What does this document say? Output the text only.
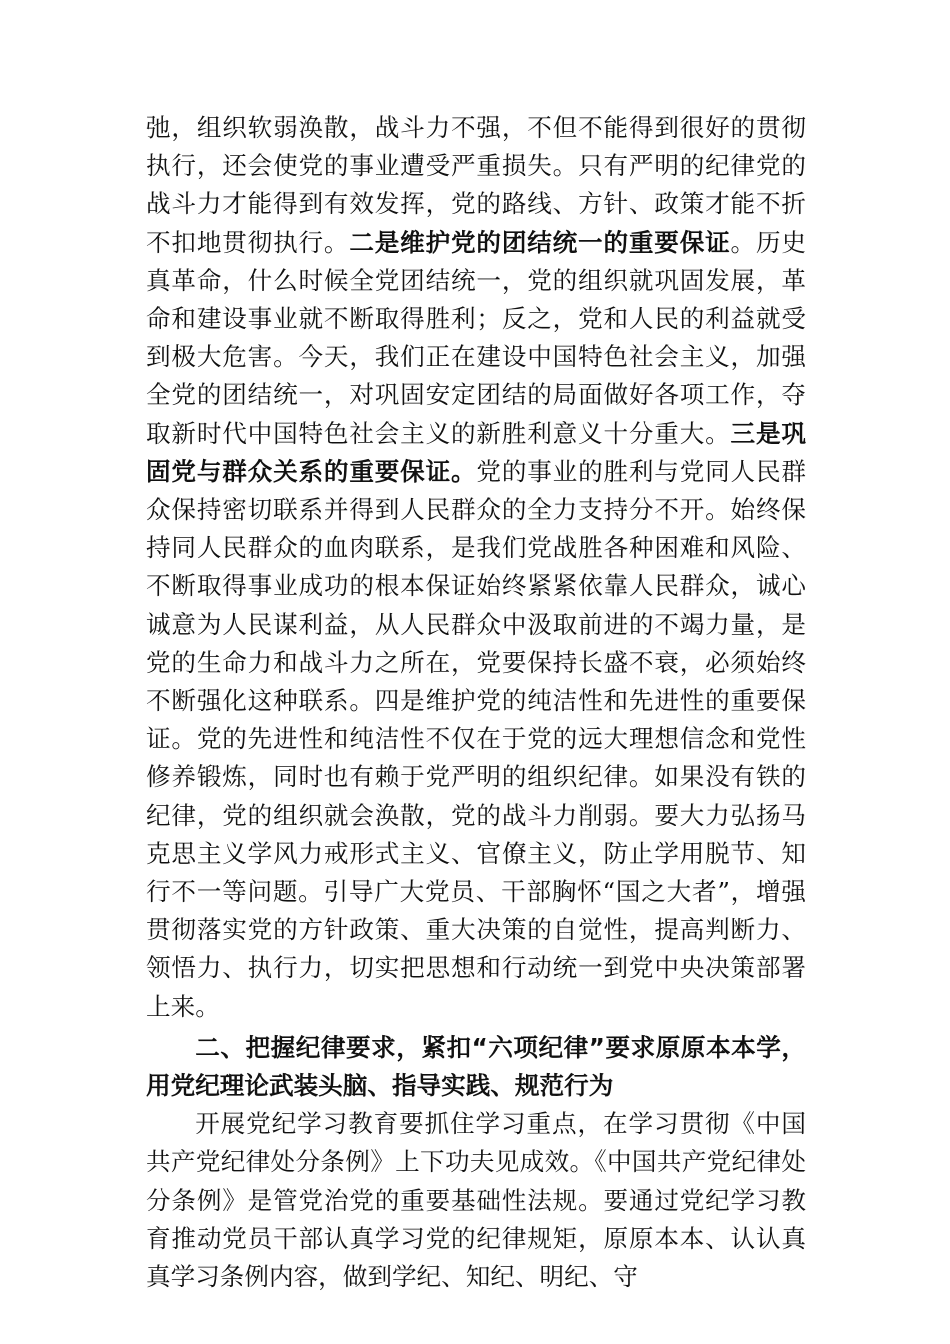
弛，组织软弱涣散，战斗力不强，不但不能得到很好的贯彻执行，还会使党的事业遭受严重损失。只有严明的纪律党的战斗力才能得到有效发挥，党的路线、方针、政策才能不折不扣地贯彻执行。二是维护党的团结统一的重要保证。历史真革命，什么时候全党团结统一，党的组织就巩固发展，革命和建设事业就不断取得胜利；反之，党和人民的利益就受到极大危害。今天，我们正在建设中国特色社会主义，加强全党的团结统一，对巩固安定团结的局面做好各项工作，夺取新时代中国特色社会主义的新胜利意义十分重大。三是巩固党与群众关系的重要保证。党的事业的胜利与党同人民群众保持密切联系并得到人民群众的全力支持分不开。始终保持同人民群众的血肉联系，是我们党战胜各种困难和风险、不断取得事业成功的根本保证始终紧紧依靠人民群众，诚心诚意为人民谋利益，从人民群众中汲取前进的不竭力量，是党的生命力和战斗力之所在，党要保持长盛不衰，必须始终不断强化这种联系。四是维护党的纯洁性和先进性的重要保证。党的先进性和纯洁性不仅在于党的远大理想信念和党性修养锻炼，同时也有赖于党严明的组织纪律。如果没有铁的纪律，党的组织就会涣散，党的战斗力削弱。要大力弘扬马克思主义学风力戒形式主义、官僚主义，防止学用脱节、知行不一等问题。引导广大党员、干部胸怀“国之大者”，增强贯彻落实党的方针政策、重大决策的自觉性，提高判断力、领悟力、执行力，切实把思想和行动统一到党中央决策部署上来。

二、把握纪律要求，紧扣“六项纪律”要求原原本本学，用党纪理论武装头脑、指导实践、规范行为

开展党纪学习教育要抓住学习重点，在学习贯彻《中国共产党纪律处分条例》上下功夫见成效。《中国共产党纪律处分条例》是管党治党的重要基础性法规。要通过党纪学习教育推动党员干部认真学习党的纪律规矩，原原本本、认认真真学习条例内容，做到学纪、知纪、明纪、守
